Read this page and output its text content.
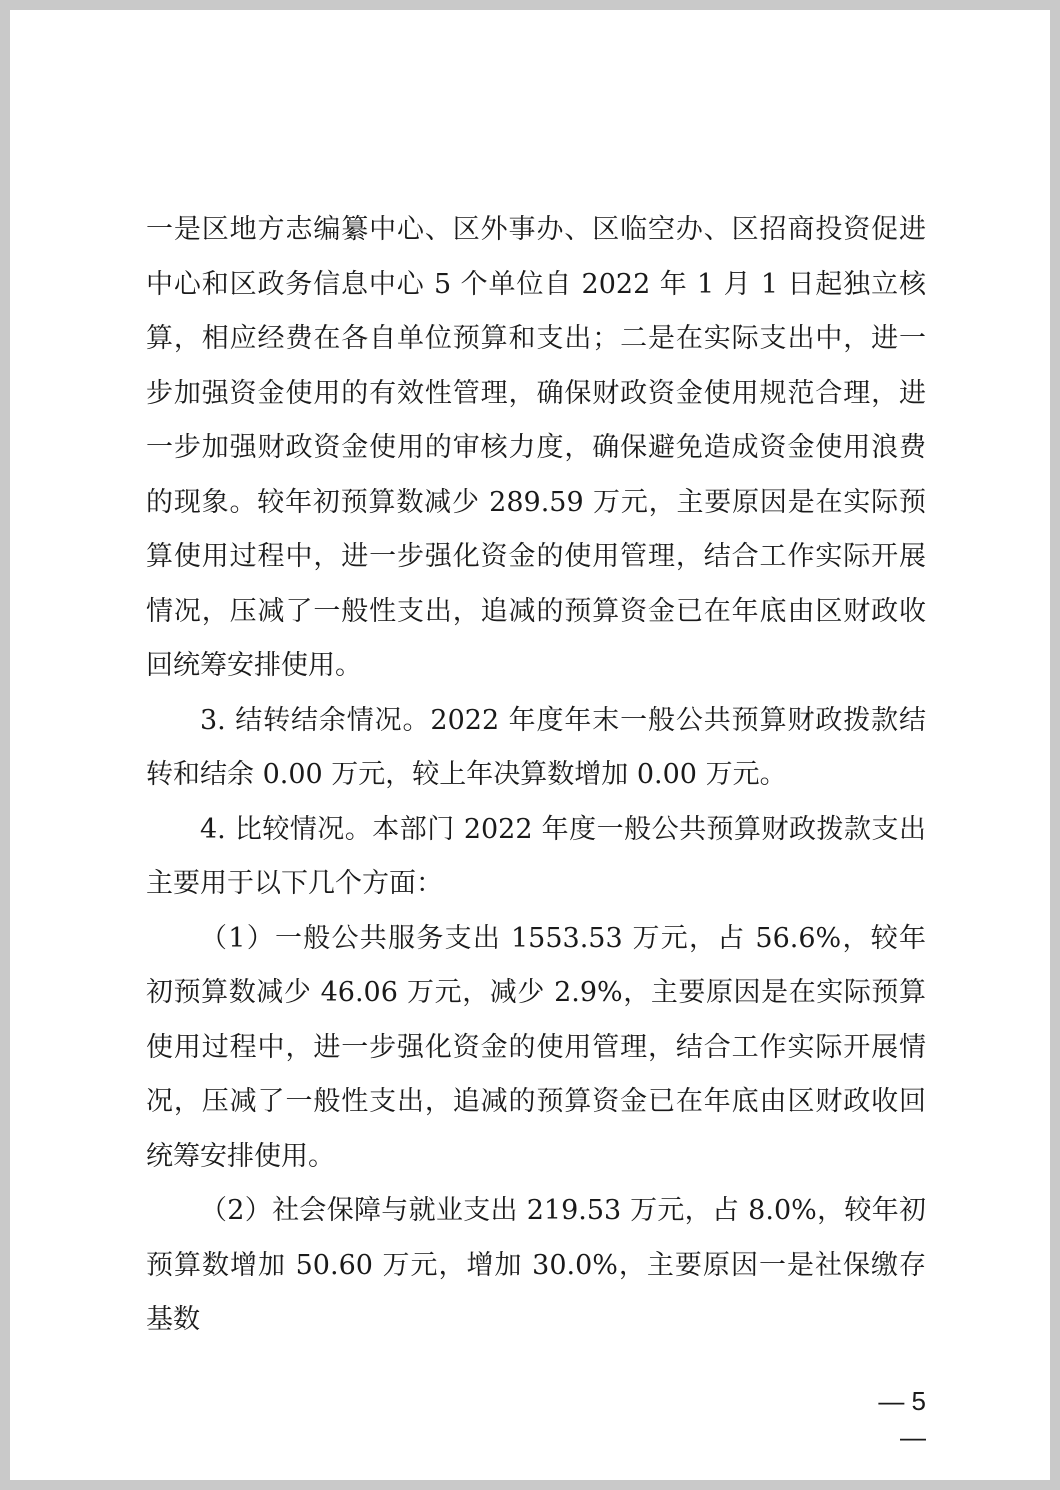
一是区地方志编纂中心、区外事办、区临空办、区招商投资促进中心和区政务信息中心 5 个单位自 2022 年 1 月 1 日起独立核算，相应经费在各自单位预算和支出；二是在实际支出中，进一步加强资金使用的有效性管理，确保财政资金使用规范合理，进一步加强财政资金使用的审核力度，确保避免造成资金使用浪费的现象。较年初预算数减少 289.59 万元，主要原因是在实际预算使用过程中，进一步强化资金的使用管理，结合工作实际开展情况，压减了一般性支出，追减的预算资金已在年底由区财政收回统筹安排使用。

3. 结转结余情况。2022 年度年末一般公共预算财政拨款结转和结余 0.00 万元，较上年决算数增加 0.00 万元。

4. 比较情况。本部门 2022 年度一般公共预算财政拨款支出主要用于以下几个方面：

（1）一般公共服务支出 1553.53 万元，占 56.6%，较年初预算数减少 46.06 万元，减少 2.9%，主要原因是在实际预算使用过程中，进一步强化资金的使用管理，结合工作实际开展情况，压减了一般性支出，追减的预算资金已在年底由区财政收回统筹安排使用。

（2）社会保障与就业支出 219.53 万元，占 8.0%，较年初预算数增加 50.60 万元，增加 30.0%，主要原因一是社保缴存基数

— 5 —
